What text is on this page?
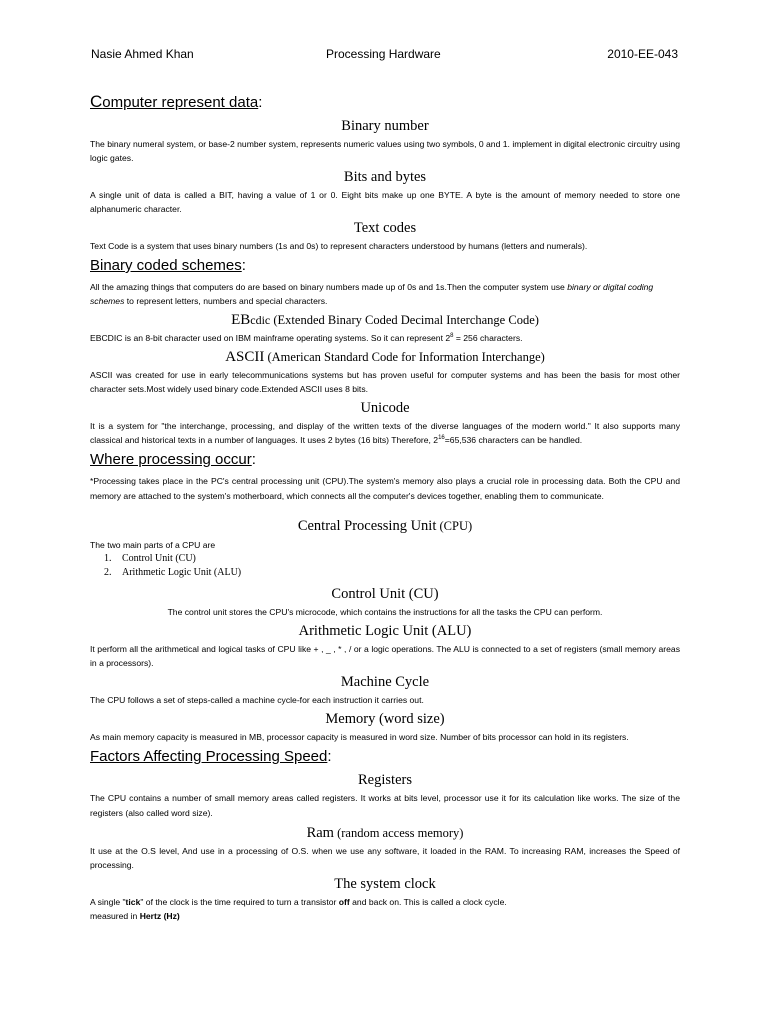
Nasie Ahmed Khan	Processing Hardware	2010-EE-043
Computer represent data:
Binary number
The binary numeral system, or base-2 number system, represents numeric values using two symbols, 0 and 1. implement in digital electronic circuitry using logic gates.
Bits and bytes
A single unit of data is called a BIT, having a value of 1 or 0. Eight bits make up one BYTE. A byte is the amount of memory needed to store one alphanumeric character.
Text codes
Text Code is a system that uses binary numbers (1s and 0s) to represent characters understood by humans (letters and numerals).
Binary coded schemes:
All the amazing things that computers do are based on binary numbers made up of 0s and 1s.Then the computer system use binary or digital coding schemes to represent letters, numbers and special characters.
EBcdic (Extended Binary Coded Decimal Interchange Code)
EBCDIC is an 8-bit character used on IBM mainframe operating systems. So it can represent $2^8 = 256$ characters.
ASCII (American Standard Code for Information Interchange)
ASCII was created for use in early telecommunications systems but has proven useful for computer systems and has been the basis for most other character sets.Most widely used binary code.Extended ASCII uses 8 bits.
Unicode
It is a system for "the interchange, processing, and display of the written texts of the diverse languages of the modern world." It also supports many classical and historical texts in a number of languages. It uses 2 bytes (16 bits) Therefore, $2^{16}=65,536$ characters can be handled.
Where processing occur:
*Processing takes place in the PC's central processing unit (CPU).The system's memory also plays a crucial role in processing data. Both the CPU and memory are attached to the system's motherboard, which connects all the computer's devices together, enabling them to communicate.
Central Processing Unit (CPU)
The two main parts of a CPU are
1. Control Unit (CU)
2. Arithmetic Logic Unit (ALU)
Control Unit (CU)
The control unit stores the CPU's microcode, which contains the instructions for all the tasks the CPU can perform.
Arithmetic Logic Unit (ALU)
It perform all the arithmetical and logical tasks of CPU like + , _ , * , / or a logic operations. The ALU is connected to a set of registers (small memory areas in a processors).
Machine Cycle
The CPU follows a set of steps-called a machine cycle-for each instruction it carries out.
Memory (word size)
As main memory capacity is measured in MB, processor capacity is measured in word size. Number of bits processor can hold in its registers.
Factors Affecting Processing Speed:
Registers
The CPU contains a number of small memory areas called registers. It works at bits level, processor use it for its calculation like works. The size of the registers (also called word size).
Ram (random access memory)
It use at the O.S level, And use in a processing of O.S. when we use any software, it loaded in the RAM. To increasing RAM, increases the Speed of processing.
The system clock
A single "tick" of the clock is the time required to turn a transistor off and back on. This is called a clock cycle.
measured in Hertz (Hz)
